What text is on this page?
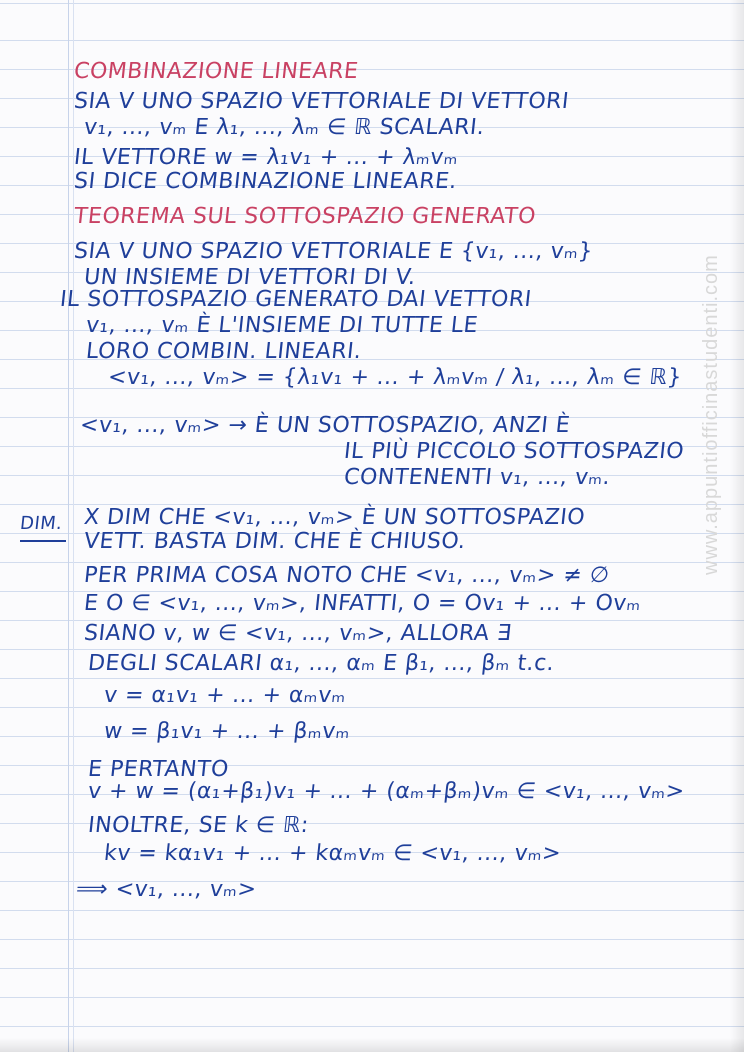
COMBINAZIONE LINEARE
SIA V UNO SPAZIO VETTORIALE DI VETTORI
v₁, ..., vₘ E λ₁, ..., λₘ ∈ ℝ SCALARI.
IL VETTORE w = λ₁v₁ + ... + λₘvₘ
SI DICE COMBINAZIONE LINEARE.
TEOREMA SUL SOTTOSPAZIO GENERATO
SIA V UNO SPAZIO VETTORIALE E {v₁, ..., vₘ}
UN INSIEME DI VETTORI DI V.
IL SOTTOSPAZIO GENERATO DAI VETTORI
v₁, ..., vₘ È L'INSIEME DI TUTTE LE
LORO COMBIN. LINEARI.
<v₁, ..., vₘ> = {λ₁v₁ + ... + λₘvₘ / λ₁, ..., λₘ ∈ ℝ}
<v₁, ..., vₘ> → È UN SOTTOSPAZIO, ANZI È
IL PIÙ PICCOLO SOTTOSPAZIO
CONTENENTI v₁, ..., vₘ.
DIM. X DIM CHE <v₁, ..., vₘ> È UN SOTTOSPAZIO
VETT. BASTA DIM. CHE È CHIUSO.
PER PRIMA COSA NOTO CHE <v₁, ..., vₘ> ≠ ∅
E O ∈ <v₁, ..., vₘ>, INFATTI, O = Ov₁ + ... + Ovₘ
SIANO v, w ∈ <v₁, ..., vₘ>, ALLORA ∃
DEGLI SCALARI α₁, ..., αₘ E β₁, ..., βₘ t.c.
v = α₁v₁ + ... + αₘvₘ
w = β₁v₁ + ... + βₘvₘ
E PERTANTO
v + w = (α₁+β₁)v₁ + ... + (αₘ+βₘ)vₘ ∈ <v₁, ..., vₘ>
INOLTRE, SE k ∈ ℝ:
kv = kα₁v₁ + ... + kαₘvₘ ∈ <v₁, ..., vₘ>
⟹ <v₁, ..., vₘ>
www.appuntiofficinastudenti.com
